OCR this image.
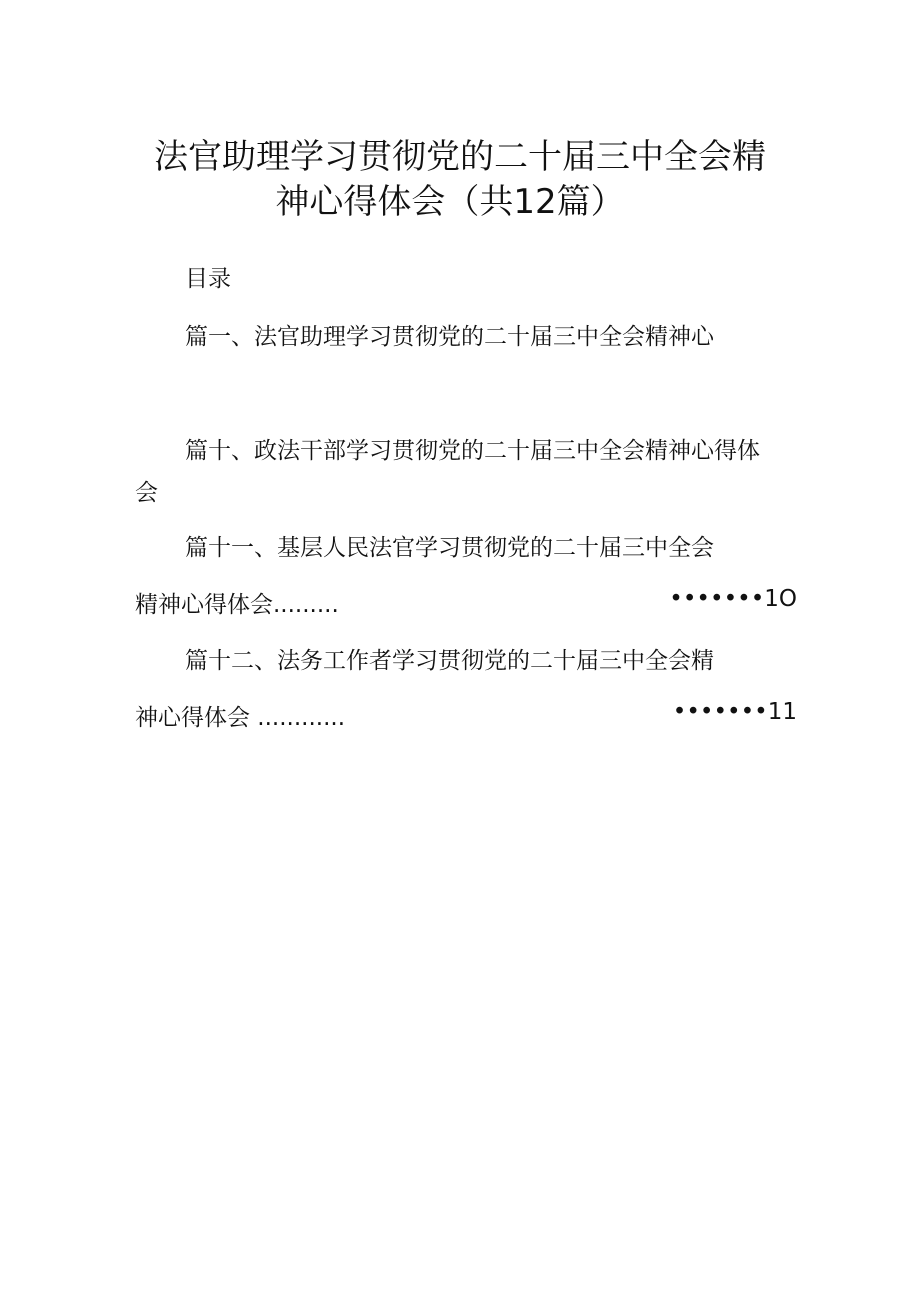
法官助理学习贯彻党的二十届三中全会精
神心得体会（共12篇）
目录
篇一、法官助理学习贯彻党的二十届三中全会精神心
篇十、政法干部学习贯彻党的二十届三中全会精神心得体
会
篇十一、基层人民法官学习贯彻党的二十届三中全会
精神心得体会.........	•••••••1O
篇十二、法务工作者学习贯彻党的二十届三中全会精
神心得体会 ............	•••••••11
